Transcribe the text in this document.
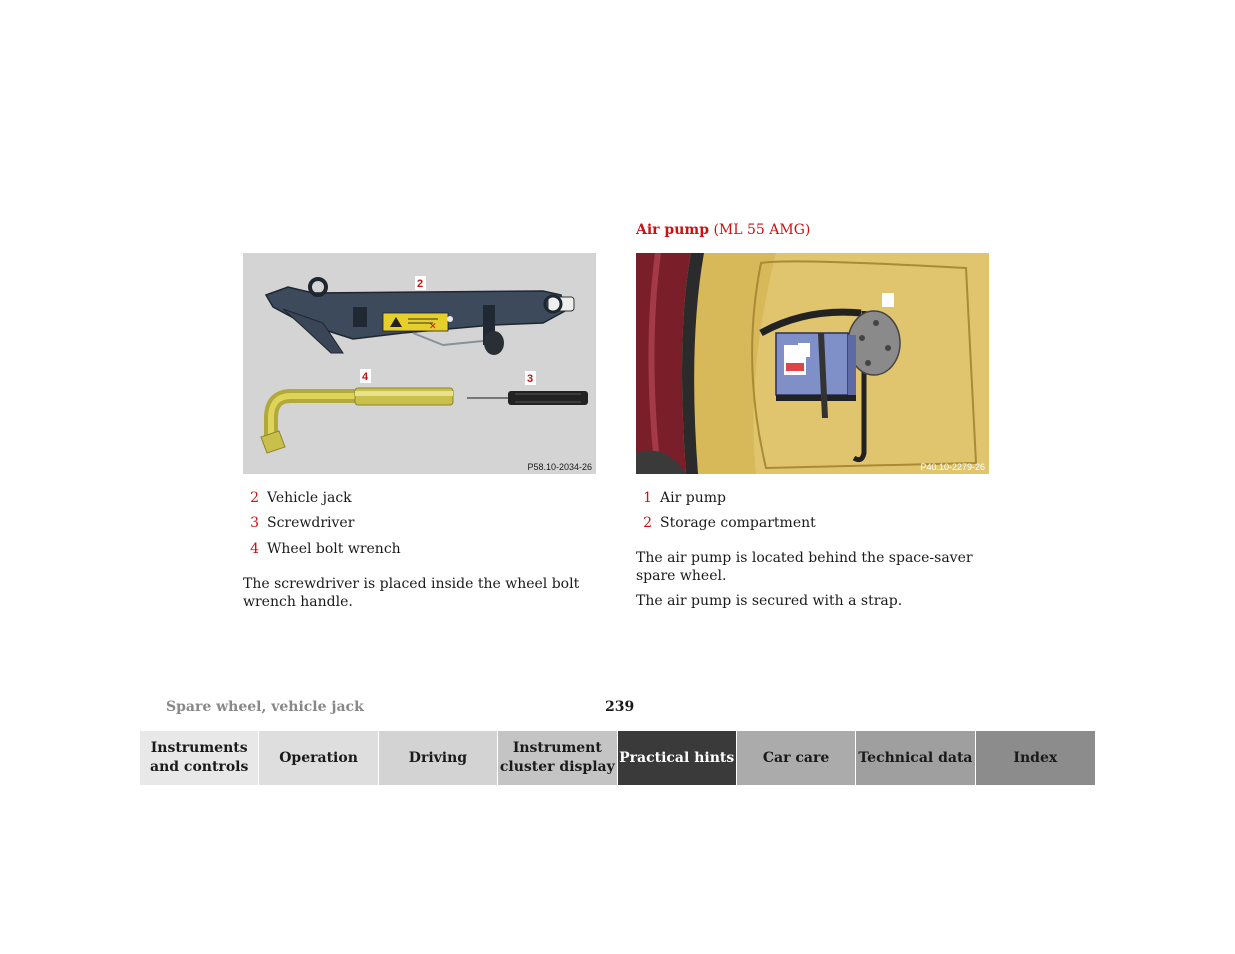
✕
2
3
4
P58.10-2034-26	P40.10-2279-26
2 Vehicle jack
3 Screwdriver
4 Wheel bolt wrench
The screwdriver is placed inside the wheel bolt wrench handle.
Air pump (ML 55 AMG)
1 Air pump
2 Storage compartment
The air pump is located behind the space-saver spare wheel.
The air pump is secured with a strap.
Spare wheel, vehicle jack	239
Instruments and controls
Operation	Driving
Instrument cluster display
Practical hints Car care Technical data	Index
